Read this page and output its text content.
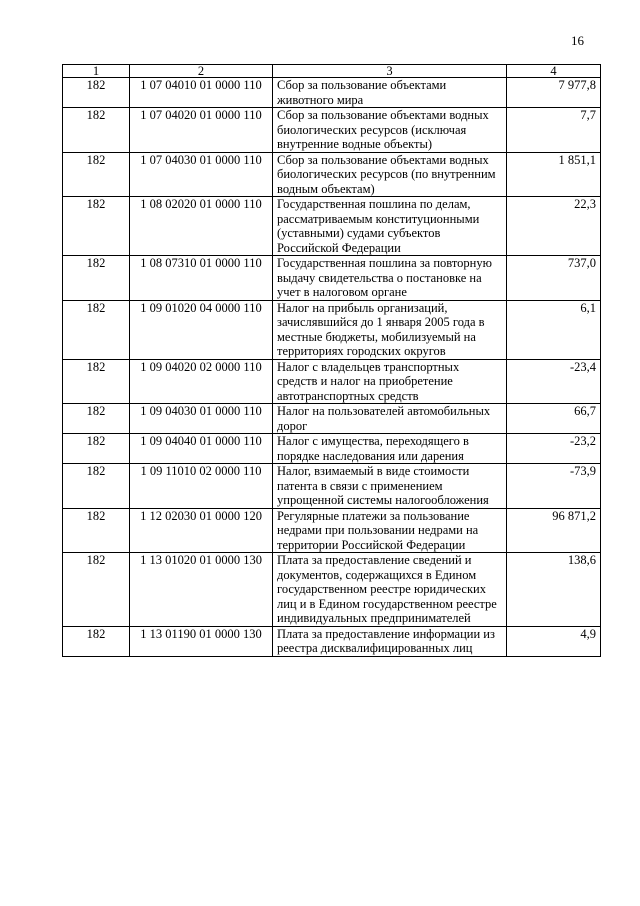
16
1	2	3	4
182	1 07 04010 01 0000 110	Сбор за пользование объектами животного мира	7 977,8
182	1 07 04020 01 0000 110	Сбор за пользование объектами водных биологических ресурсов (исключая внутренние водные объекты)	7,7
182	1 07 04030 01 0000 110	Сбор за пользование объектами водных биологических ресурсов (по внутренним водным объектам)	1 851,1
182	1 08 02020 01 0000 110	Государственная пошлина по делам, рассматриваемым конституционными (уставными) судами субъектов Российской Федерации	22,3
182	1 08 07310 01 0000 110	Государственная пошлина за повторную выдачу свидетельства о постановке на учет в налоговом органе	737,0
182	1 09 01020 04 0000 110	Налог на прибыль организаций, зачислявшийся до 1 января 2005 года в местные бюджеты, мобилизуемый на территориях городских округов	6,1
182	1 09 04020 02 0000 110	Налог с владельцев транспортных средств и налог на приобретение автотранспортных средств	-23,4
182	1 09 04030 01 0000 110	Налог на пользователей автомобильных дорог	66,7
182	1 09 04040 01 0000 110	Налог с имущества, переходящего в порядке наследования или дарения	-23,2
182	1 09 11010 02 0000 110	Налог, взимаемый в виде стоимости патента в связи с применением упрощенной системы налогообложения	-73,9
182	1 12 02030 01 0000 120	Регулярные платежи за пользование недрами при пользовании недрами на территории Российской Федерации	96 871,2
182	1 13 01020 01 0000 130	Плата за предоставление сведений и документов, содержащихся в Едином государственном реестре юридических лиц и в Едином государственном реестре индивидуальных предпринимателей	138,6
182	1 13 01190 01 0000 130	Плата за предоставление информации из реестра дисквалифицированных лиц	4,9
